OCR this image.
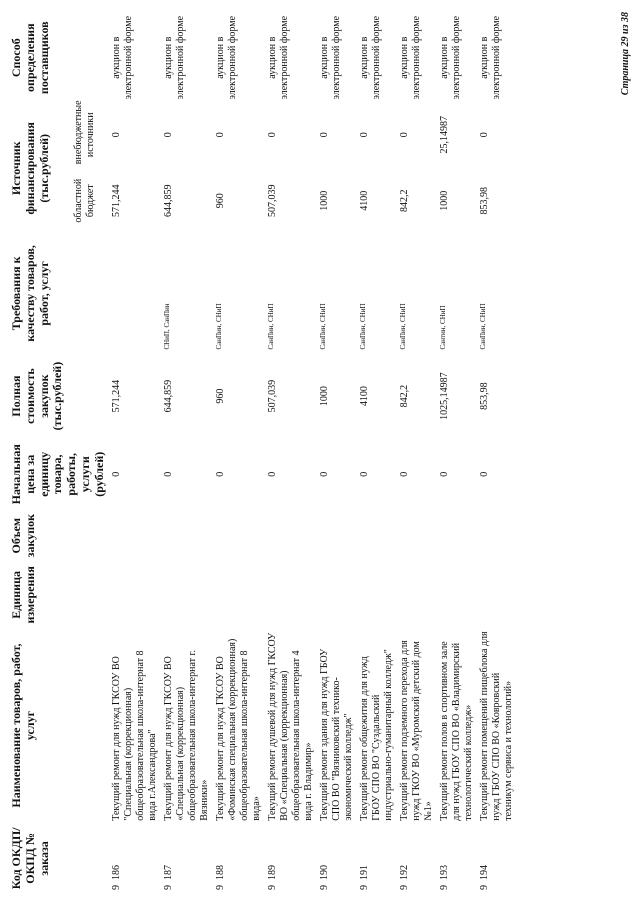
Код ОКДП/ ОКПД № заказа	Наименование товаров, работ, услуг	Единица измерения	Объем закупок	Начальная цена за единицу товара, работы, услуги (рублей)	Полная стоимость закупок (тыс.рублей)	Требования к качеству товаров, работ, услуг	Источник финансирования (тыс.рублей)		Способ определения поставщиков
							областной бюджет	внебюджетные источники	
9  186	Текущий ремонт для нужд ГКСОУ ВО "Специальная (коррекционная) общеобразовательная школа-интернат 8 вида г.Александрова"			0	571,244		571,244	0	аукцион в электронной форме
9  187	Текущий ремонт для нужд ГКСОУ ВО «Специальная (коррекционная) общеобразовательная школа-интернат г. Вязники»			0	644,859	СНиП, СанПин	644,859	0	аукцион в электронной форме
9  188	Текущий ремонт для нужд ГКСОУ ВО «Фоминская специальная (коррекционная) общеобразовательная школа-интернат 8 вида»			0	960	СанПин, СНиП	960	0	аукцион в электронной форме
9  189	Текущий ремонт душевой для нужд ГКСОУ ВО «Специальная (коррекционная) общеобразовательная школа-интернат 4 вида г. Владимир»			0	507,039	СанПин, СНиП	507,039	0	аукцион в электронной форме
9  190	Текущий ремонт здания для нужд ГБОУ СПО ВО "Вязниковский технико-экономический колледж"			0	1000	СанПин, СНиП	1000	0	аукцион в электронной форме
9  191	Текущий ремонт общежития для нужд ГБОУ СПО ВО "Суздальский индустриально-гуманитарный колледж"			0	4100	СанПин, СНиП	4100	0	аукцион в электронной форме
9  192	Текущий ремонт подземного перехода для нужд ГКОУ ВО «Муромский детский дом №1»			0	842,2	СанПин, СНиП	842,2	0	аукцион в электронной форме
9  193	Текущий ремонт полов в спортивном зале для нужд ГБОУ СПО ВО «Владимирский технологический колледж»			0	1025,14987	Сантин, СНиП	1000	25,14987	аукцион в электронной форме
9  194	Текущий ремонт помещений пищеблока для нужд ГБОУ СПО ВО «Ковровский техникум сервиса и технологий»			0	853,98	СанПин, СНиП	853,98	0	аукцион в электронной форме	Страница 29 из 38
